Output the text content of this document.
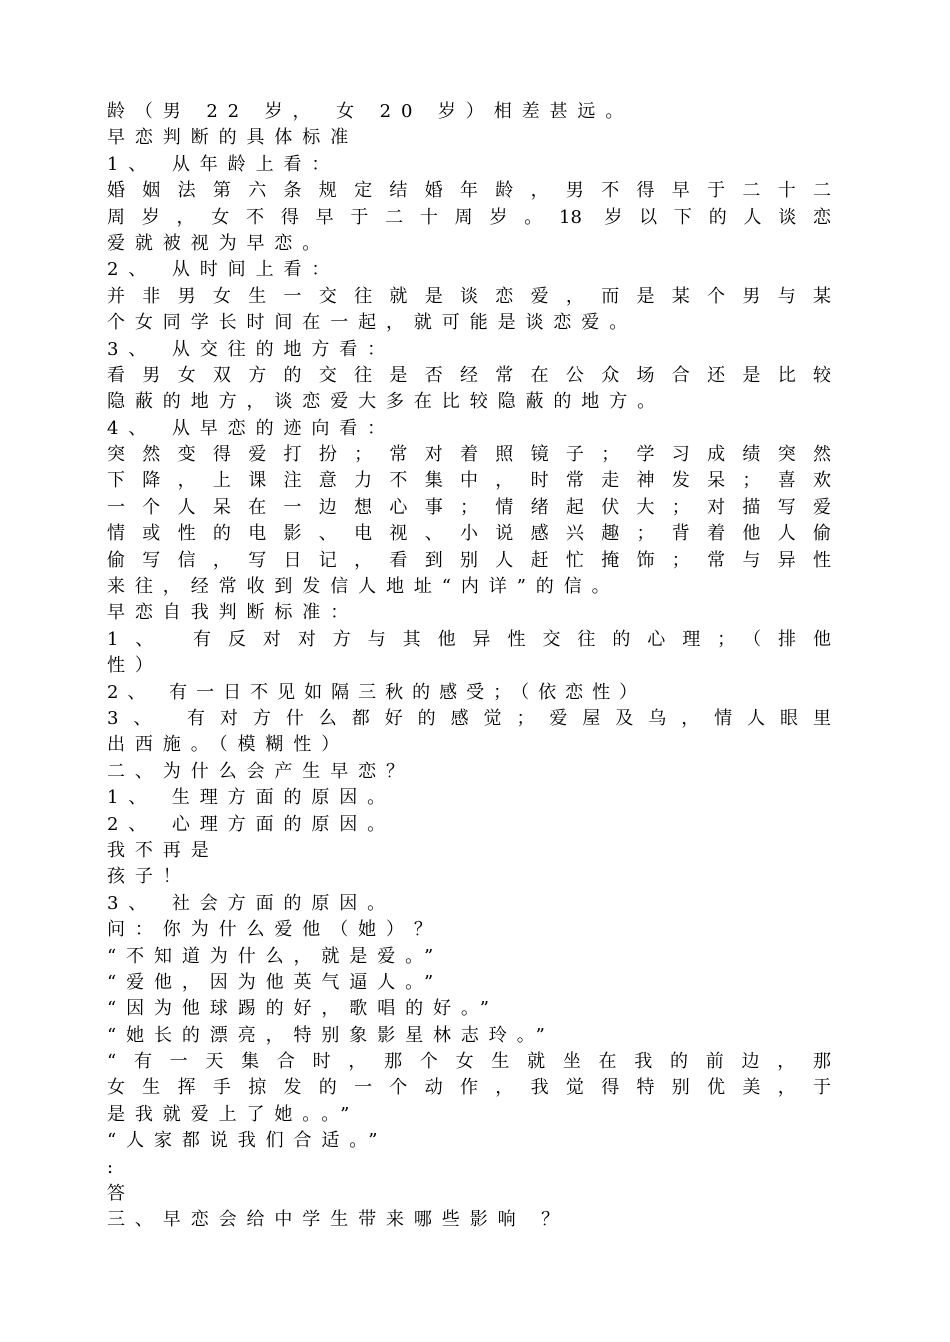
龄（男 22 岁， 女 20 岁）相差甚远。
早恋判断的具体标准
1、 从年龄上看：
婚姻法第六条规定结婚年龄，男不得早于二十二
周岁，女不得早于二十周岁。18 岁以下的人谈恋
爱就被视为早恋。
2、 从时间上看：
并非男女生一交往就是谈恋爱，而是某个男与某
个女同学长时间在一起，就可能是谈恋爱。
3、 从交往的地方看：
看男女双方的交往是否经常在公众场合还是比较
隐蔽的地方，谈恋爱大多在比较隐蔽的地方。
4、 从早恋的迹向看：
突然变得爱打扮；常对着照镜子；学习成绩突然
下降，上课注意力不集中，时常走神发呆；喜欢
一个人呆在一边想心事；情绪起伏大；对描写爱
情或性的电影、电视、小说感兴趣；背着他人偷
偷写信，写日记，看到别人赶忙掩饰；常与异性
来往，经常收到发信人地址“内详”的信。
早恋自我判断标准：
1、 有反对对方与其他异性交往的心理；（排他
性）
2、 有一日不见如隔三秋的感受；（依恋性）
3、 有对方什么都好的感觉；爱屋及乌，情人眼里
出西施。（模糊性）
二、为什么会产生早恋？
1、 生理方面的原因。
2、 心理方面的原因。
我不再是
孩子！
3、 社会方面的原因。
问：你为什么爱他（她）？
“不知道为什么，就是爱。”
“爱他，因为他英气逼人。”
“因为他球踢的好，歌唱的好。”
“她长的漂亮，特别象影星林志玲。”
“有一天集合时，那个女生就坐在我的前边，那
女生挥手掠发的一个动作，我觉得特别优美，于
是我就爱上了她。。”
“人家都说我们合适。”
:
答
三、早恋会给中学生带来哪些影响 ？
